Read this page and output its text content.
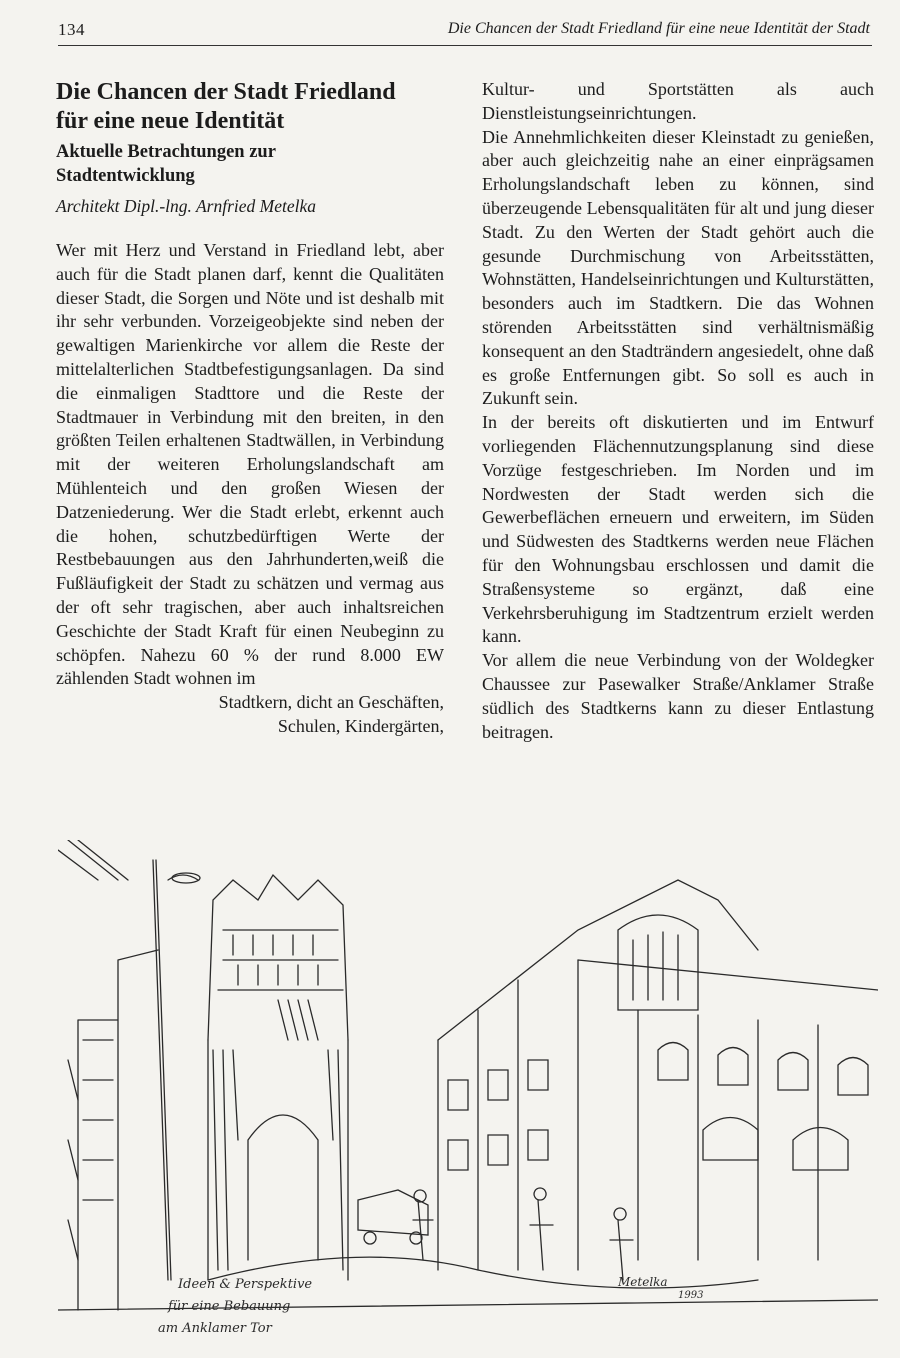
134	Die Chancen der Stadt Friedland für eine neue Identität der Stadt
Die Chancen der Stadt Friedland
für eine neue Identität
Aktuelle Betrachtungen zur
Stadtentwicklung

Architekt Dipl.-lng. Arnfried Metelka

Wer mit Herz und Verstand in Friedland lebt, aber auch für die Stadt planen darf, kennt die Qualitäten dieser Stadt, die Sorgen und Nöte und ist deshalb mit ihr sehr verbunden. Vorzeigeobjekte sind neben der gewaltigen Marienkirche vor allem die Reste der mittelalterlichen Stadtbefestigungsanlagen. Da sind die einmaligen Stadttore und die Reste der Stadtmauer in Verbindung mit den breiten, in den größten Teilen erhaltenen Stadtwällen, in Verbindung mit der weiteren Erholungslandschaft am Mühlenteich und den großen Wiesen der Datzeniederung. Wer die Stadt erlebt, erkennt auch die hohen, schutzbedürftigen Werte der Restbebauungen aus den Jahrhunderten,weiß die Fußläufigkeit der Stadt zu schätzen und vermag aus der oft sehr tragischen, aber auch inhaltsreichen Geschichte der Stadt Kraft für einen Neubeginn zu schöpfen. Nahezu 60 % der rund 8.000 EW zählenden Stadt wohnen im

Stadtkern, dicht an Geschäften,

Schulen, Kindergärten,

Kultur- und Sportstätten als auch Dienstleistungseinrichtungen.

Die Annehmlichkeiten dieser Kleinstadt zu genießen, aber auch gleichzeitig nahe an einer einprägsamen Erholungslandschaft leben zu können, sind überzeugende Lebensqualitäten für alt und jung dieser Stadt. Zu den Werten der Stadt gehört auch die gesunde Durchmischung von Arbeitsstätten, Wohnstätten, Handelseinrichtungen und Kulturstätten, besonders auch im Stadtkern. Die das Wohnen störenden Arbeitsstätten sind verhältnismäßig konsequent an den Stadträndern angesiedelt, ohne daß es große Entfernungen gibt. So soll es auch in Zukunft sein.

In der bereits oft diskutierten und im Entwurf vorliegenden Flächennutzungsplanung sind diese Vorzüge festgeschrieben. Im Norden und im Nordwesten der Stadt werden sich die Gewerbeflächen erneuern und erweitern, im Süden und Südwesten des Stadtkerns werden neue Flächen für den Wohnungsbau erschlossen und damit die Straßensysteme so ergänzt, daß eine Verkehrsberuhigung im Stadtzentrum erzielt werden kann.

Vor allem die neue Verbindung von der Woldegker Chaussee zur Pasewalker Straße/Anklamer Straße südlich des Stadtkerns kann zu dieser Entlastung beitragen.

Ideen & Perspektive
für eine Bebauung
am Anklamer Tor
Metelka
1993
